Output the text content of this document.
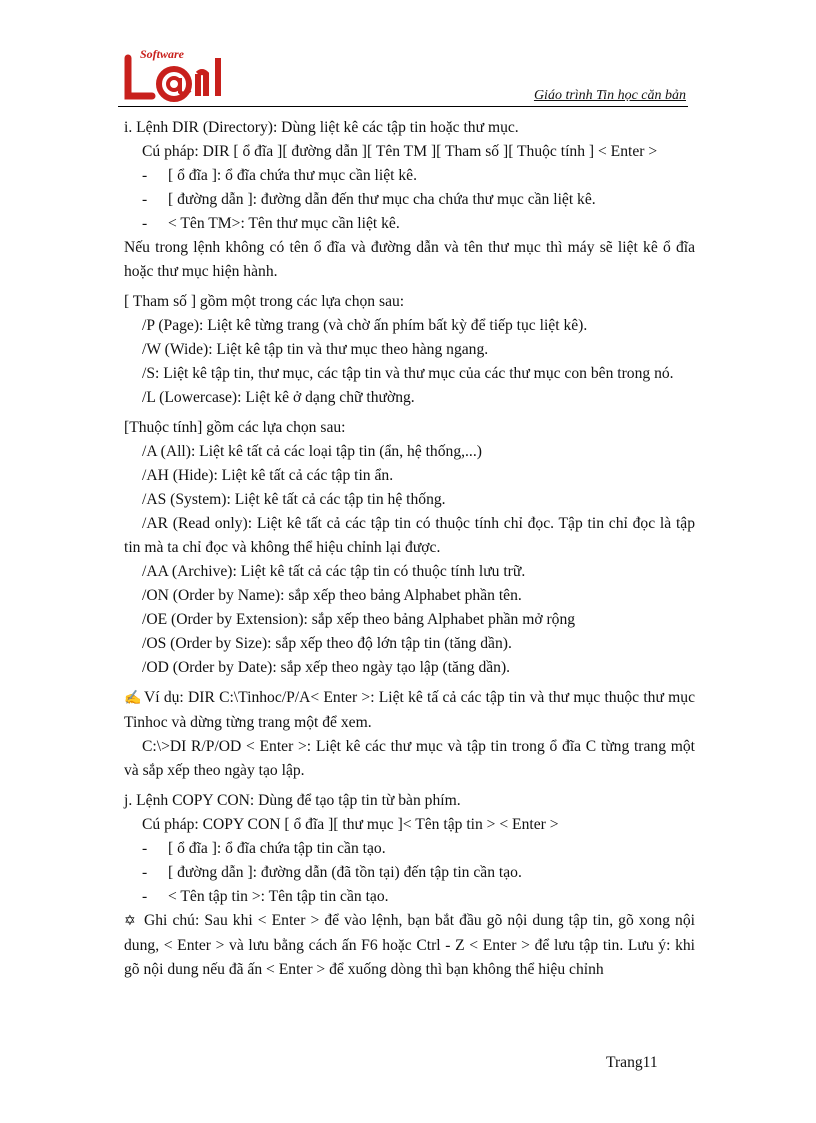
Software
Giáo trình Tin học căn bản

i. Lệnh DIR (Directory): Dùng liệt kê các tập tin hoặc thư mục.

Cú pháp: DIR [ ổ đĩa ][ đường dẫn ][ Tên TM ][ Tham số ][ Thuộc tính ] < Enter >

-	[ ổ đĩa ]: ổ đĩa chứa thư mục cần liệt kê.
-	[ đường dẫn ]: đường dẫn đến thư mục cha chứa thư mục cần liệt kê.
-	< Tên TM>: Tên thư mục cần liệt kê.

Nếu trong lệnh không có tên ổ đĩa và đường dẫn và tên thư mục thì máy sẽ liệt kê ổ đĩa hoặc thư mục hiện hành.

[ Tham số ] gồm một trong các lựa chọn sau:

/P (Page): Liệt kê từng trang (và chờ ấn phím bất kỳ để tiếp tục liệt kê).

/W (Wide): Liệt kê tập tin và thư mục theo hàng ngang.

/S: Liệt kê tập tin, thư mục, các tập tin và thư mục của các thư mục con bên trong nó.

/L (Lowercase): Liệt kê ở dạng chữ thường.

[Thuộc tính] gồm các lựa chọn sau:

/A (All): Liệt kê tất cả các loại tập tin (ẩn, hệ thống,...)

/AH (Hide): Liệt kê tất cả các tập tin ẩn.

/AS (System): Liệt kê tất cả các tập tin hệ thống.

/AR (Read only): Liệt kê tất cả các tập tin có thuộc tính chỉ đọc. Tập tin chỉ đọc là tập tin mà ta chỉ đọc và không thể hiệu chỉnh lại được.

/AA (Archive): Liệt kê tất cả các tập tin có thuộc tính lưu trữ.

/ON (Order by Name): sắp xếp theo bảng Alphabet phần tên.

/OE (Order by Extension): sắp xếp theo bảng Alphabet phần mở rộng

/OS (Order by Size): sắp xếp theo độ lớn tập tin (tăng dần).

/OD (Order by Date): sắp xếp theo ngày tạo lập (tăng dần).

✍ Ví dụ: DIR C:\Tinhoc/P/A< Enter >: Liệt kê tấ cả các tập tin và thư mục thuộc thư mục Tinhoc và dừng từng trang một để xem.

C:\>DI R/P/OD < Enter >: Liệt kê các thư mục và tập tin trong ổ đĩa C từng trang một và sắp xếp theo ngày tạo lập.

j. Lệnh COPY CON: Dùng để tạo tập tin từ bàn phím.

Cú pháp: COPY CON [ ổ đĩa ][ thư mục ]< Tên tập tin > < Enter >

-	[ ổ đĩa ]: ổ đĩa chứa tập tin cần tạo.
-	[ đường dẫn ]: đường dẫn (đã tồn tại) đến tập tin cần tạo.
-	< Tên tập tin >: Tên tập tin cần tạo.

✡ Ghi chú: Sau khi < Enter > để vào lệnh, bạn bắt đầu gõ nội dung tập tin, gõ xong nội dung, < Enter > và lưu bằng cách ấn F6 hoặc Ctrl - Z < Enter > để lưu tập tin. Lưu ý: khi gõ nội dung nếu đã ấn < Enter > để xuống dòng thì bạn không thể hiệu chỉnh

Trang11
